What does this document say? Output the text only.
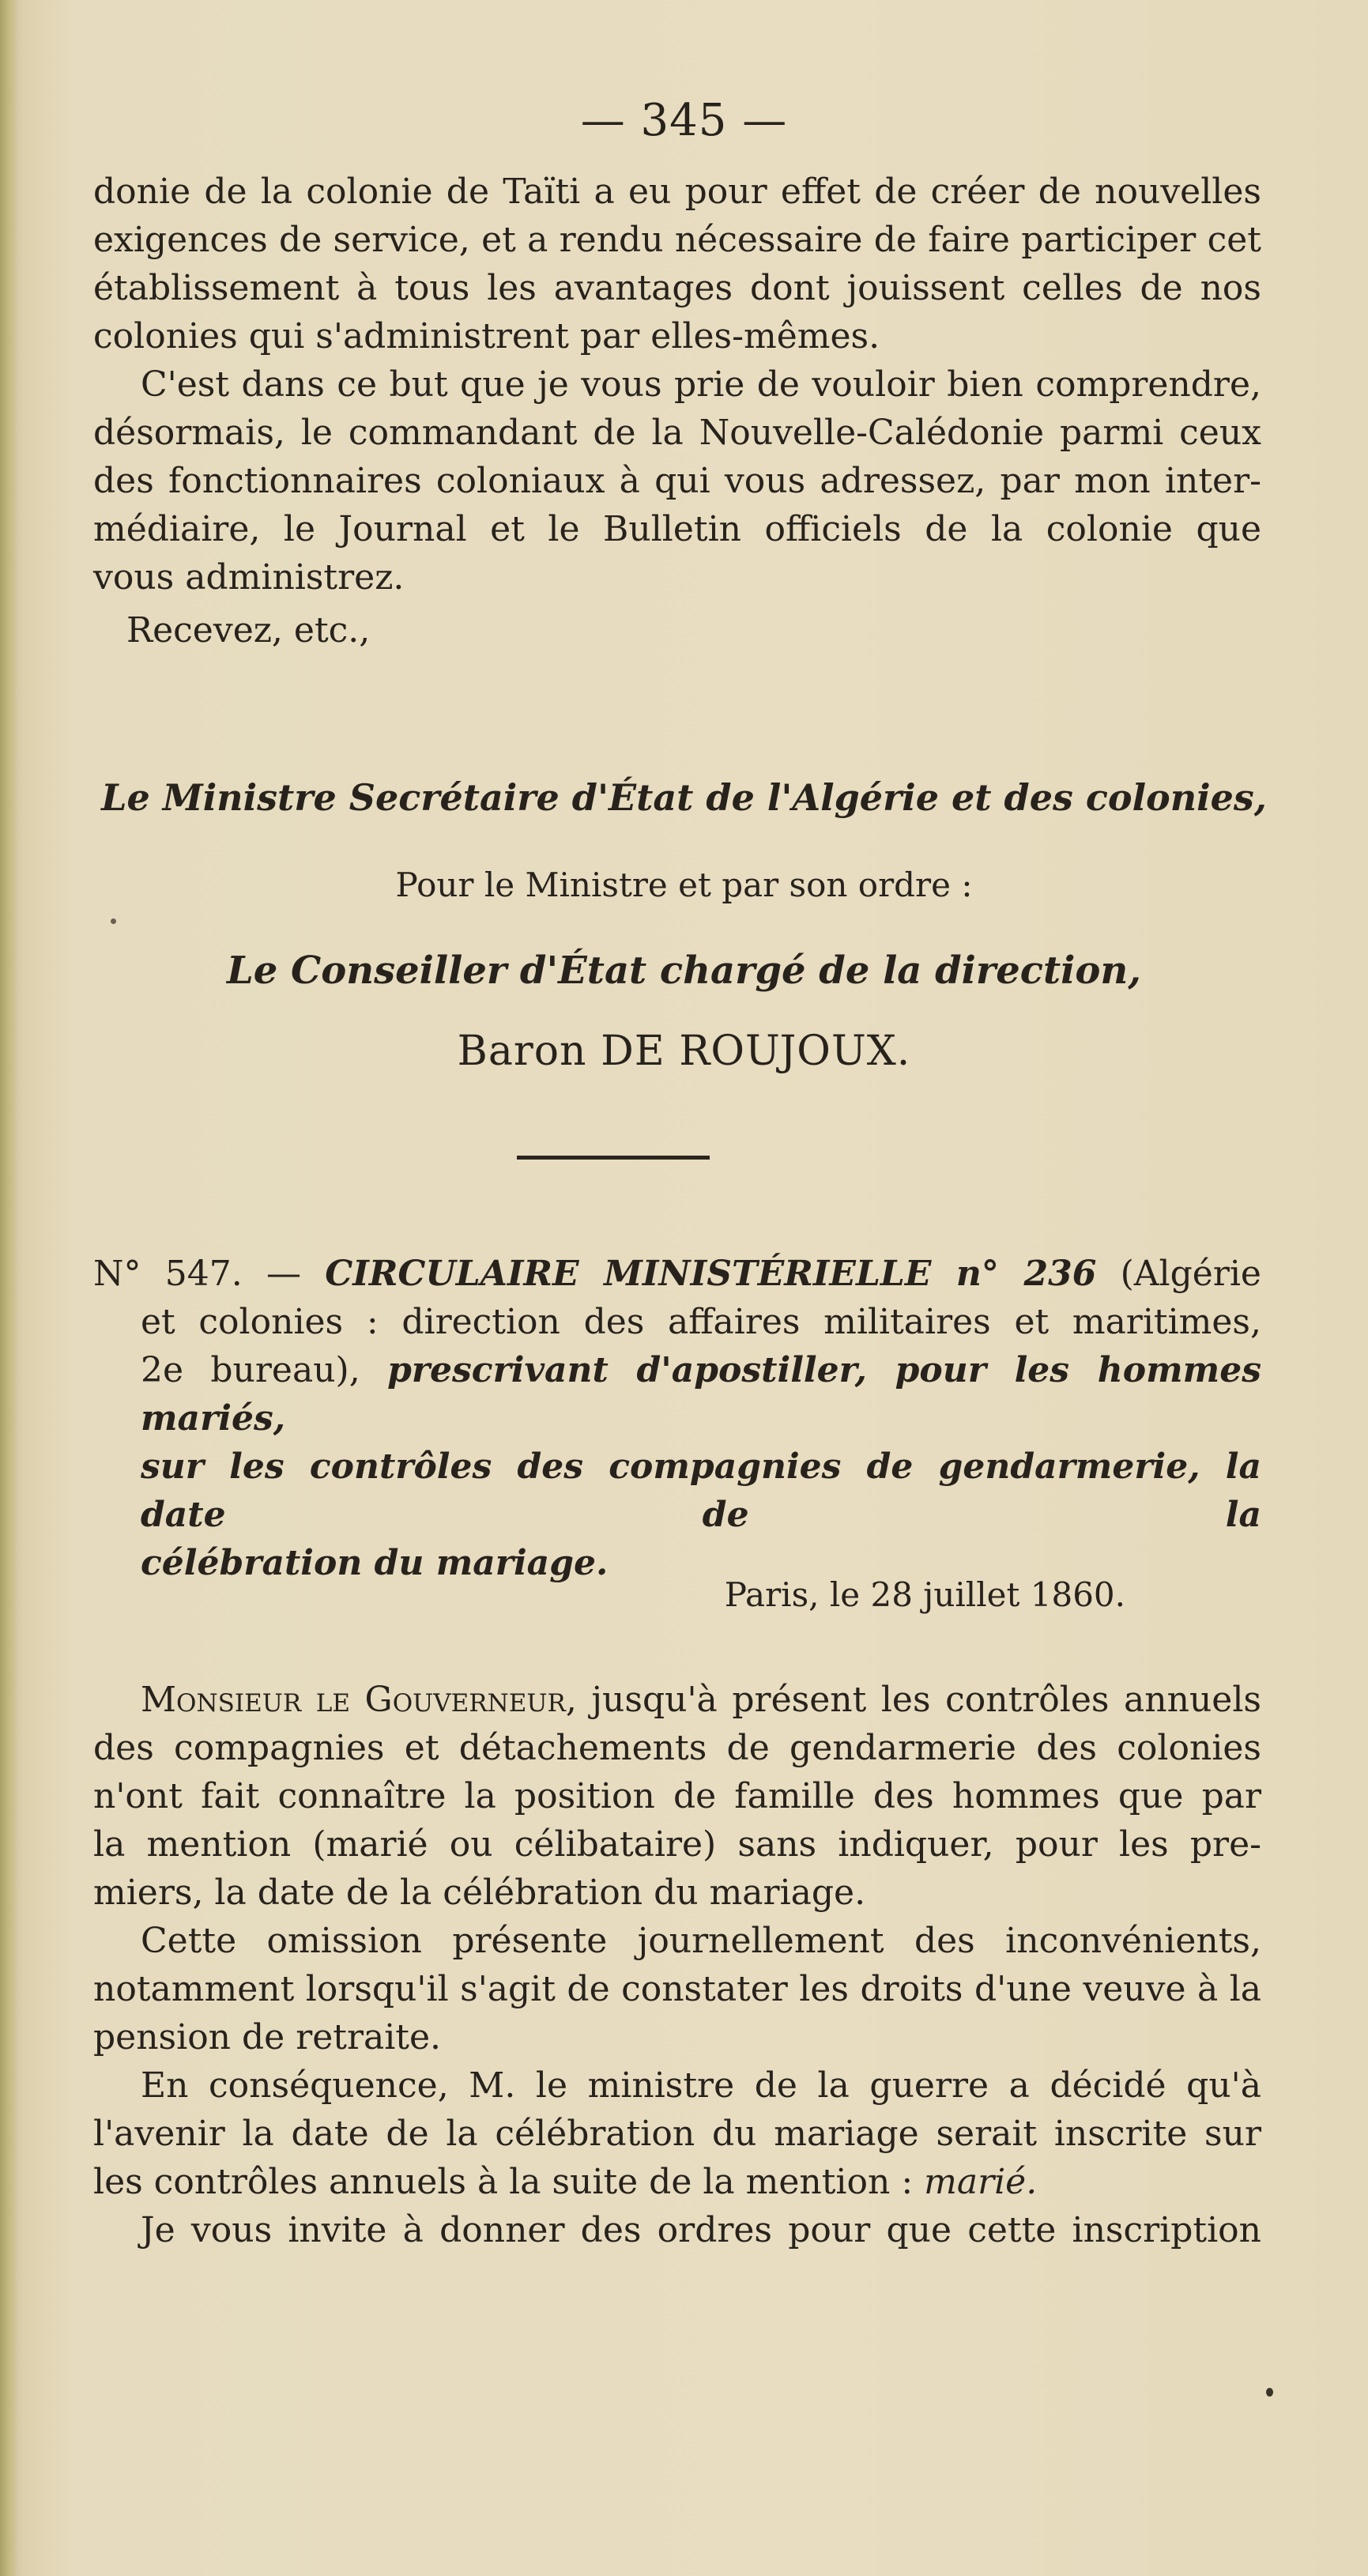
— 345 —
donie de la colonie de Taïti a eu pour effet de créer de nouvelles
exigences de service, et a rendu nécessaire de faire participer cet
établissement à tous les avantages dont jouissent celles de nos
colonies qui s'administrent par elles-mêmes.
C'est dans ce but que je vous prie de vouloir bien comprendre,
désormais, le commandant de la Nouvelle-Calédonie parmi ceux
des fonctionnaires coloniaux à qui vous adressez, par mon inter-
médiaire, le Journal et le Bulletin officiels de la colonie que
vous administrez.
Recevez, etc.,
Le Ministre Secrétaire d'État de l'Algérie et des colonies,
Pour le Ministre et par son ordre :
Le Conseiller d'État chargé de la direction,
Baron DE ROUJOUX.
N° 547. — CIRCULAIRE MINISTÉRIELLE n° 236 (Algérie
et colonies : direction des affaires militaires et maritimes,
2e bureau), prescrivant d'apostiller, pour les hommes mariés,
sur les contrôles des compagnies de gendarmerie, la date de la
célébration du mariage.
Paris, le 28 juillet 1860.
Monsieur le Gouverneur, jusqu'à présent les contrôles annuels
des compagnies et détachements de gendarmerie des colonies
n'ont fait connaître la position de famille des hommes que par
la mention (marié ou célibataire) sans indiquer, pour les pre-
miers, la date de la célébration du mariage.
Cette omission présente journellement des inconvénients,
notamment lorsqu'il s'agit de constater les droits d'une veuve à la
pension de retraite.
En conséquence, M. le ministre de la guerre a décidé qu'à
l'avenir la date de la célébration du mariage serait inscrite sur
les contrôles annuels à la suite de la mention : marié.
Je vous invite à donner des ordres pour que cette inscription
